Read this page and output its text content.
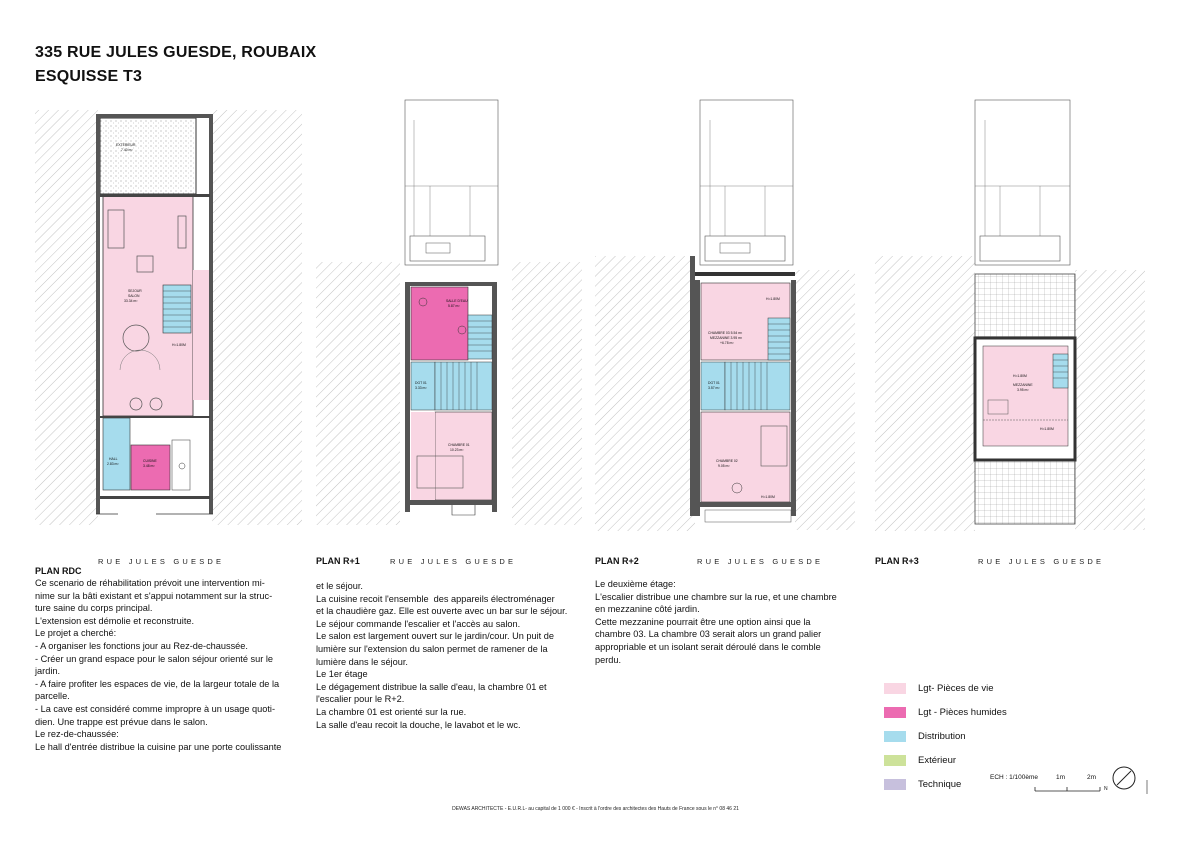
335 RUE JULES GUESDE, ROUBAIX
ESQUISSE T3
EXTERIEUR
7.40 m²
SEJOUR
SALON
33.34 m²
H=1.80M
HALL
2.83 m²
CUISINE
3.48 m²
SALLE D'EAU
5.87 m²
DGT 01
3.33 m²
CHAMBRE 01
10.23 m²
CHAMBRE 03 5.54 m²
MEZZANINE 3.95 m²
+6.78 m²
DGT 01
3.57 m²
CHAMBRE 02
9.05 m²
H=1.80M
H=1.80M
MEZZANINE
3.95 m²
H=1.80M
H=1.80M
RUE JULES GUESDE	RUE JULES GUESDE	RUE JULES GUESDE	RUE JULES GUESDE
PLAN RDC
PLAN R+1	PLAN R+2	PLAN R+3

Ce scenario de réhabilitation prévoit une intervention mi-

nime sur la bâti existant et s'appui notamment sur la struc-

ture saine du corps principal.

L'extension est démolie et reconstruite.

Le projet a cherché:

- A organiser les fonctions jour au Rez-de-chaussée.

- Créer un grand espace pour le salon séjour orienté sur le

jardin.

- A faire profiter les espaces de vie, de la largeur totale de la

parcelle.

- La cave est considéré comme impropre à un usage quoti-

dien. Une trappe est prévue dans le salon.

Le rez-de-chaussée:

Le hall d'entrée distribue la cuisine par une porte coulissante

et le séjour.

La cuisine recoit l'ensemble  des appareils électroménager

et la chaudière gaz. Elle est ouverte avec un bar sur le séjour.

Le séjour commande l'escalier et l'accès au salon.

Le salon est largement ouvert sur le jardin/cour. Un puit de

lumière sur l'extension du salon permet de ramener de la

lumière dans le séjour.

Le 1er étage

Le dégagement distribue la salle d'eau, la chambre 01 et

l'escalier pour le R+2.

La chambre 01 est orienté sur la rue.

La salle d'eau recoit la douche, le lavabot et le wc.

Le deuxième étage:

L'escalier distribue une chambre sur la rue, et une chambre

en mezzanine côté jardin.

Cette mezzanine pourrait être une option ainsi que la

chambre 03. La chambre 03 serait alors un grand palier

appropriable et un isolant serait déroulé dans le comble

perdu.

Lgt- Pièces de vie
Lgt - Pièces humides
Distribution
Extérieur
Technique
ECH : 1/100ème	1m	2m
N
DEWAS ARCHITECTE - E.U.R.L- au capital de 1 000 € - Inscrit à l'ordre des architectes des Hauts de France sous le n° 08 46 21
